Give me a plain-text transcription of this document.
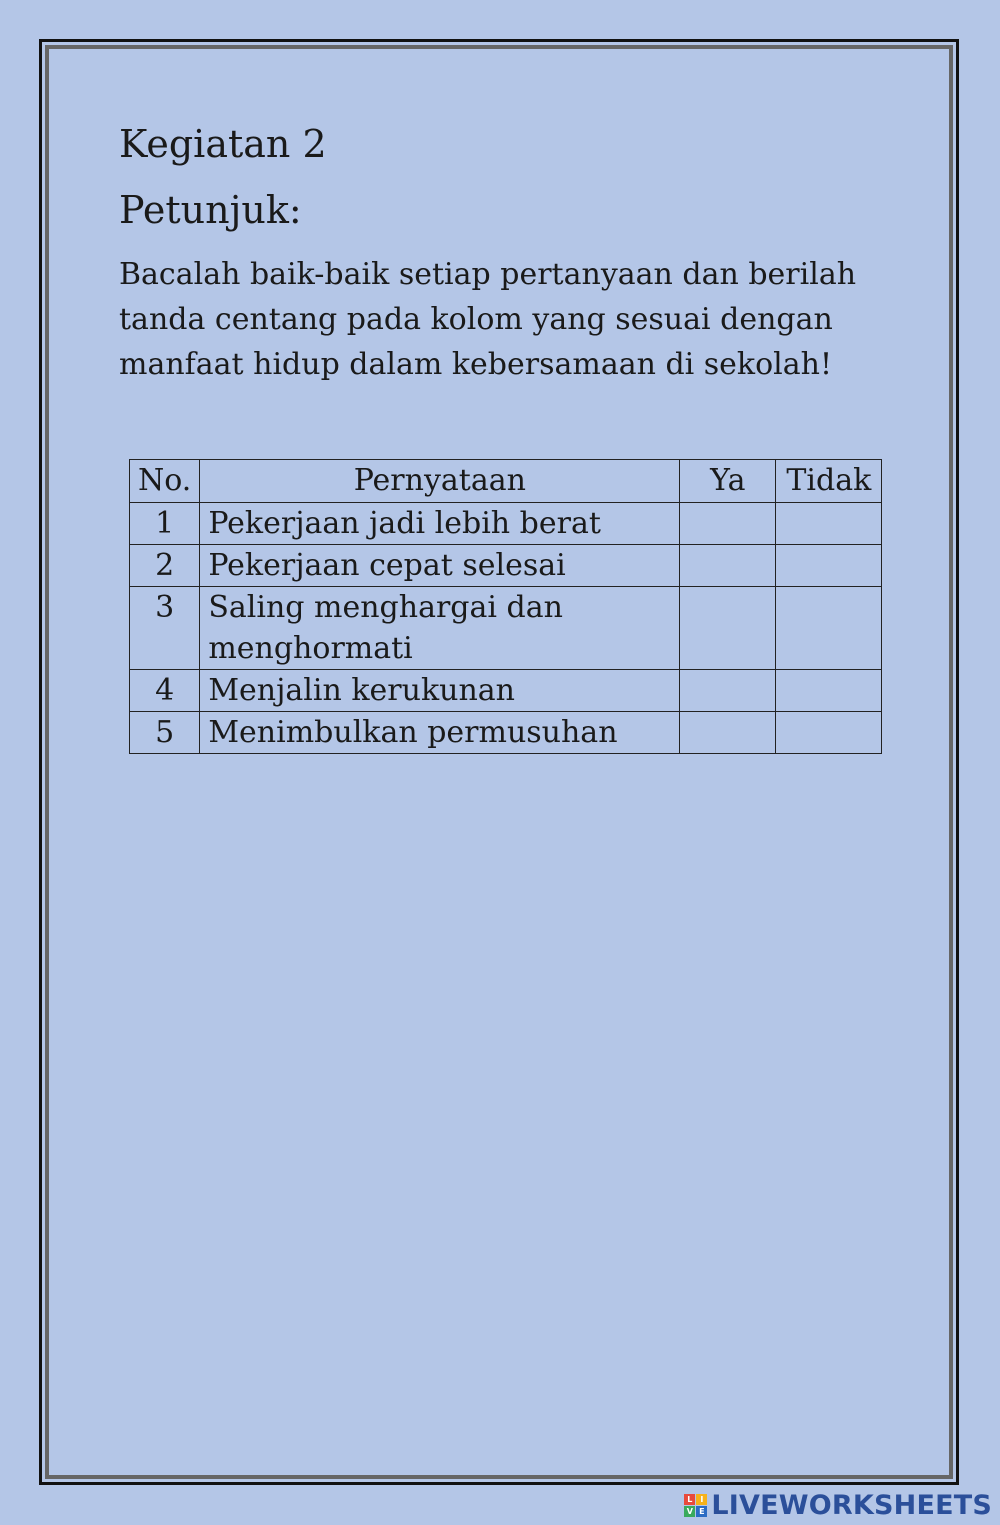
Kegiatan 2
Petunjuk:

Bacalah baik-baik setiap pertanyaan dan berilah tanda centang pada kolom yang sesuai dengan manfaat hidup dalam kebersamaan di sekolah!

No.	Pernyataan	Ya	Tidak
1	Pekerjaan jadi lebih berat		
2	Pekerjaan cepat selesai		
3	Saling menghargai dan menghormati		
4	Menjalin kerukunan		
5	Menimbulkan permusuhan		
L I
V E LIVEWORKSHEETS
